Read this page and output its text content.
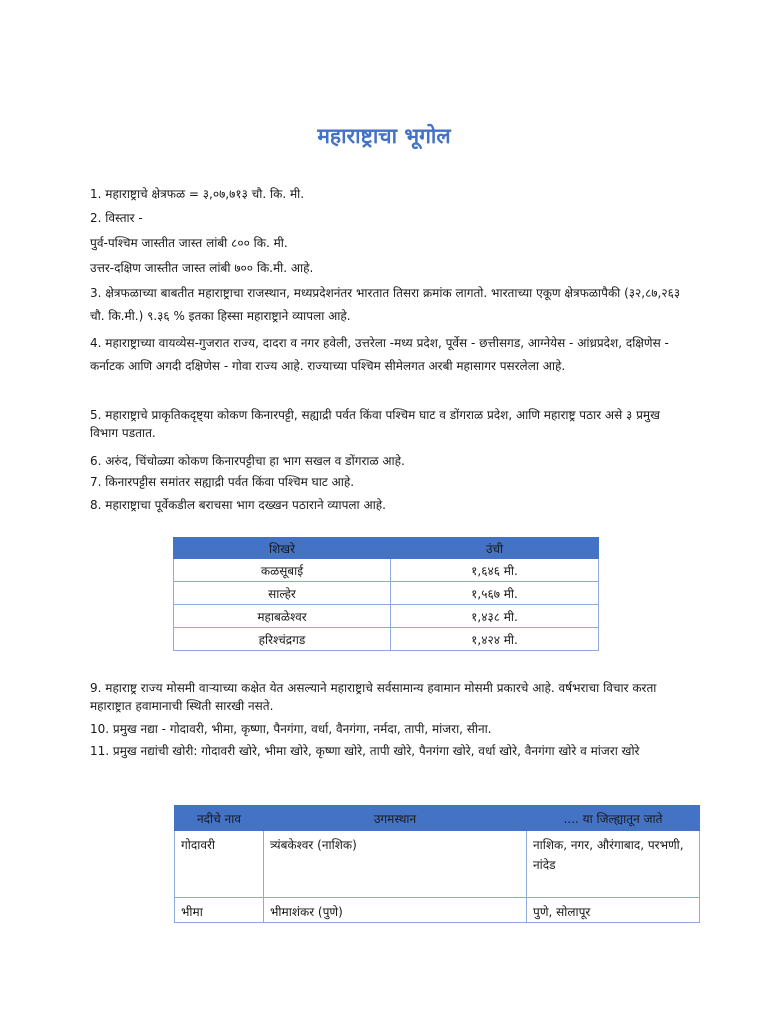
महाराष्ट्राचा भूगोल

1. महाराष्ट्राचे क्षेत्रफळ = ३,०७,७१३ चौ. कि. मी.

2. विस्तार -

पुर्व-पश्चिम जास्तीत जास्त लांबी ८०० कि. मी.

उत्तर-दक्षिण जास्तीत जास्त लांबी ७०० कि.मी. आहे.

3. क्षेत्रफळाच्या बाबतीत महाराष्ट्राचा राजस्थान, मध्यप्रदेशनंतर भारतात तिसरा क्रमांक लागतो. भारताच्या एकूण क्षेत्रफळापैकी (३२,८७,२६३ चौ. कि.मी.) ९.३६ % इतका हिस्सा महाराष्ट्राने व्यापला आहे.

4. महाराष्ट्राच्या वायव्येस-गुजरात राज्य, दादरा व नगर हवेली, उत्तरेला -मध्य प्रदेश, पूर्वेस - छत्तीसगड, आग्नेयेस - आंध्रप्रदेश, दक्षिणेस - कर्नाटक आणि अगदी दक्षिणेस - गोवा राज्य आहे. राज्याच्या पश्चिम सीमेलगत अरबी महासागर पसरलेला आहे.

5. महाराष्ट्राचे प्राकृतिकदृष्ट्या कोकण किनारपट्टी, सह्याद्री पर्वत किंवा पश्चिम घाट व डोंगराळ प्रदेश, आणि महाराष्ट्र पठार असे ३ प्रमुख विभाग पडतात.

6. अरुंद, चिंचोळ्या कोकण किनारपट्टीचा हा भाग सखल व डोंगराळ आहे.

7. किनारपट्टीस समांतर सह्याद्री पर्वत किंवा पश्चिम घाट आहे.

8. महाराष्ट्राचा पूर्वेकडील बराचसा भाग दख्खन पठाराने व्यापला आहे.

शिखरे	उंची
कळसूबाई	१,६४६ मी.
साल्हेर	१,५६७ मी.
महाबळेश्वर	१,४३८ मी.
हरिश्चंद्रगड	१,४२४ मी.

9. महाराष्ट्र राज्य मोसमी वाऱ्याच्या कक्षेत येत असल्याने महाराष्ट्राचे सर्वसामान्य हवामान मोसमी प्रकारचे आहे. वर्षभराचा विचार करता महाराष्ट्रात हवामानाची स्थिती सारखी नसते.

10. प्रमुख नद्या - गोदावरी, भीमा, कृष्णा, पैनगंगा, वर्धा, वैनगंगा, नर्मदा, तापी, मांजरा, सीना.

11. प्रमुख नद्यांची खोरी: गोदावरी खोरे, भीमा खोरे, कृष्णा खोरे, तापी खोरे, पैनगंगा खोरे, वर्धा खोरे, वैनगंगा खोरे व मांजरा खोरे

नदीचे नाव	उगमस्थान	.... या जिल्ह्यातून जाते
गोदावरी	त्र्यंबकेश्वर (नाशिक)	नाशिक, नगर, औरंगाबाद, परभणी, नांदेड
भीमा	भीमाशंकर (पुणे)	पुणे, सोलापूर
